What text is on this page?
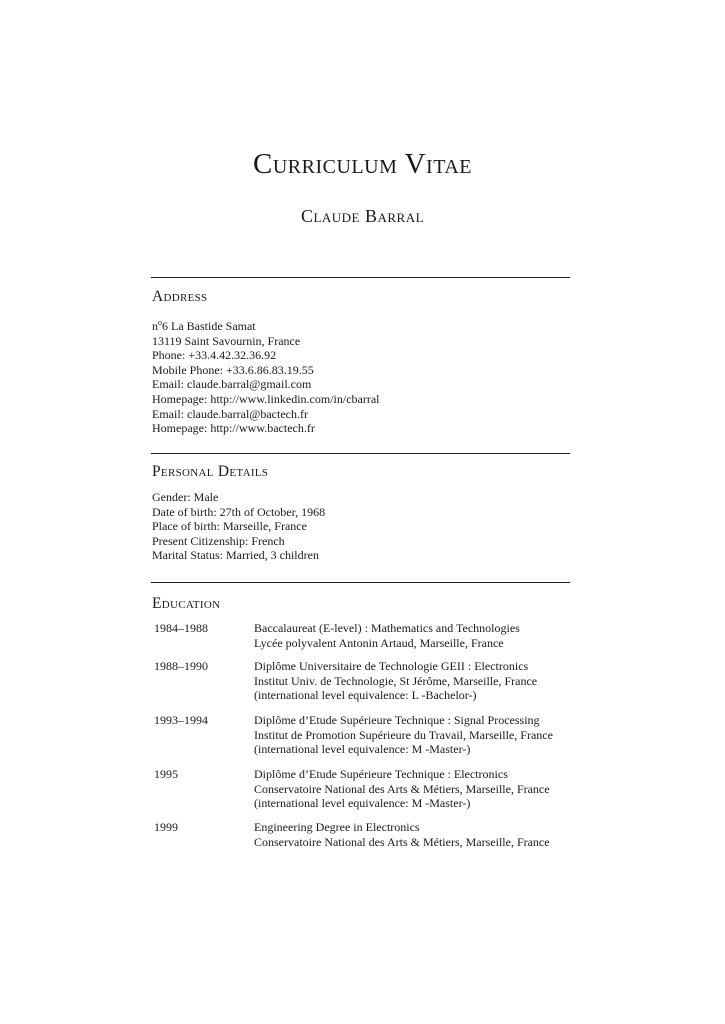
Curriculum Vitae
Claude Barral
Address
$n^o6$ La Bastide Samat
13119 Saint Savournin, France
Phone: +33.4.42.32.36.92
Mobile Phone: +33.6.86.83.19.55
Email: claude.barral@gmail.com
Homepage: http://www.linkedin.com/in/cbarral
Email: claude.barral@bactech.fr
Homepage: http://www.bactech.fr
Personal Details
Gender: Male
Date of birth: 27th of October, 1968
Place of birth: Marseille, France
Present Citizenship: French
Marital Status: Married, 3 children
Education
1984–1988	Baccalaureat (E-level) : Mathematics and Technologies
Lycée polyvalent Antonin Artaud, Marseille, France
1988–1990	Diplôme Universitaire de Technologie GEII : Electronics
Institut Univ. de Technologie, St Jérôme, Marseille, France
(international level equivalence: L -Bachelor-)
1993–1994	Diplôme d’Etude Supérieure Technique : Signal Processing
Institut de Promotion Supérieure du Travail, Marseille, France
(international level equivalence: M -Master-)
1995	Diplôme d’Etude Supérieure Technique : Electronics
Conservatoire National des Arts & Métiers, Marseille, France
(international level equivalence: M -Master-)
1999	Engineering Degree in Electronics
Conservatoire National des Arts & Métiers, Marseille, France
